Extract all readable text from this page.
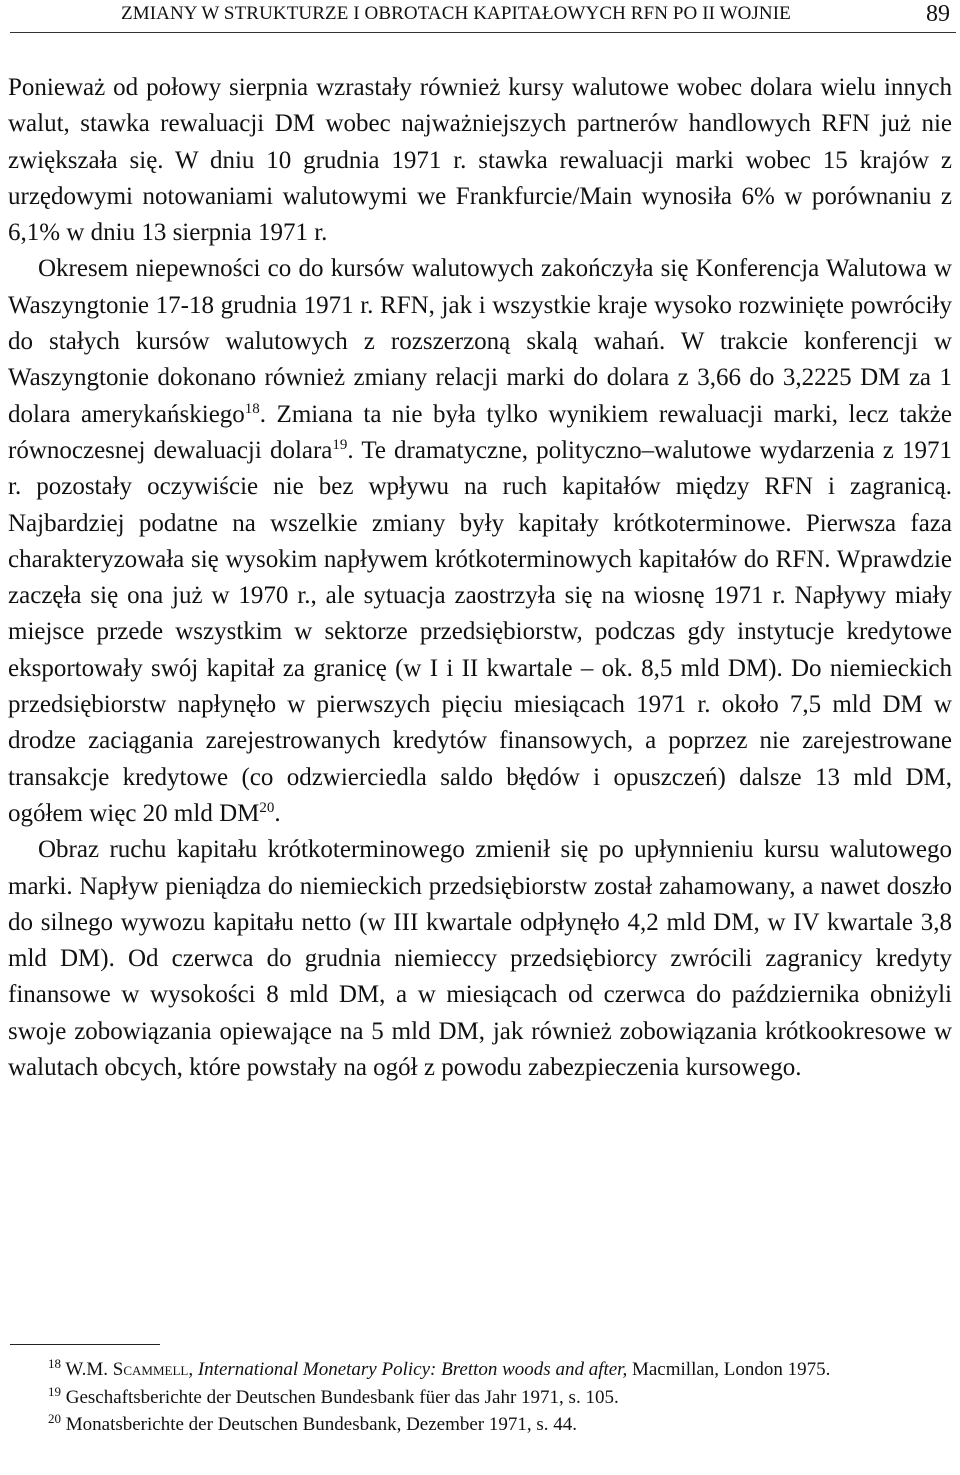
ZMIANY W STRUKTURZE I OBROTACH KAPITAŁOWYCH RFN PO II WOJNIE	89

Ponieważ od połowy sierpnia wzrastały również kursy walutowe wobec dolara wielu innych walut, stawka rewaluacji DM wobec najważniejszych partnerów handlowych RFN już nie zwiększała się. W dniu 10 grudnia 1971 r. stawka rewaluacji marki wobec 15 krajów z urzędowymi notowaniami walutowymi we Frankfurcie/Main wynosiła 6% w porównaniu z 6,1% w dniu 13 sierpnia 1971 r.

Okresem niepewności co do kursów walutowych zakończyła się Konferencja Walutowa w Waszyngtonie 17-18 grudnia 1971 r. RFN, jak i wszystkie kraje wysoko rozwinięte powróciły do stałych kursów walutowych z rozszerzoną skalą wahań. W trakcie konferencji w Waszyngtonie dokonano również zmiany relacji marki do dolara z 3,66 do 3,2225 DM za 1 dolara amerykańskiego$^{18}$. Zmiana ta nie była tylko wynikiem rewaluacji marki, lecz także równoczesnej dewaluacji dolara$^{19}$. Te dramatyczne, polityczno–walutowe wydarzenia z 1971 r. pozostały oczywiście nie bez wpływu na ruch kapitałów między RFN i zagranicą. Najbardziej podatne na wszelkie zmiany były kapitały krótkoterminowe. Pierwsza faza charakteryzowała się wysokim napływem krótkoterminowych kapitałów do RFN. Wprawdzie zaczęła się ona już w 1970 r., ale sytuacja zaostrzyła się na wiosnę 1971 r. Napływy miały miejsce przede wszystkim w sektorze przedsiębiorstw, podczas gdy instytucje kredytowe eksportowały swój kapitał za granicę (w I i II kwartale – ok. 8,5 mld DM). Do niemieckich przedsiębiorstw napłynęło w pierwszych pięciu miesiącach 1971 r. około 7,5 mld DM w drodze zaciągania zarejestrowanych kredytów finansowych, a poprzez nie zarejestrowane transakcje kredytowe (co odzwierciedla saldo błędów i opuszczeń) dalsze 13 mld DM, ogółem więc 20 mld DM$^{20}$.

Obraz ruchu kapitału krótkoterminowego zmienił się po upłynnieniu kursu walutowego marki. Napływ pieniądza do niemieckich przedsiębiorstw został zahamowany, a nawet doszło do silnego wywozu kapitału netto (w III kwartale odpłynęło 4,2 mld DM, w IV kwartale 3,8 mld DM). Od czerwca do grudnia niemieccy przedsiębiorcy zwrócili zagranicy kredyty finansowe w wysokości 8 mld DM, a w miesiącach od czerwca do października obniżyli swoje zobowiązania opiewające na 5 mld DM, jak również zobowiązania krótkookresowe w walutach obcych, które powstały na ogół z powodu zabezpieczenia kursowego.

$^{18}$ W.M. Scammell, International Monetary Policy: Bretton woods and after, Macmillan, London 1975.

$^{19}$ Geschaftsberichte der Deutschen Bundesbank füer das Jahr 1971, s. 105.

$^{20}$ Monatsberichte der Deutschen Bundesbank, Dezember 1971, s. 44.
